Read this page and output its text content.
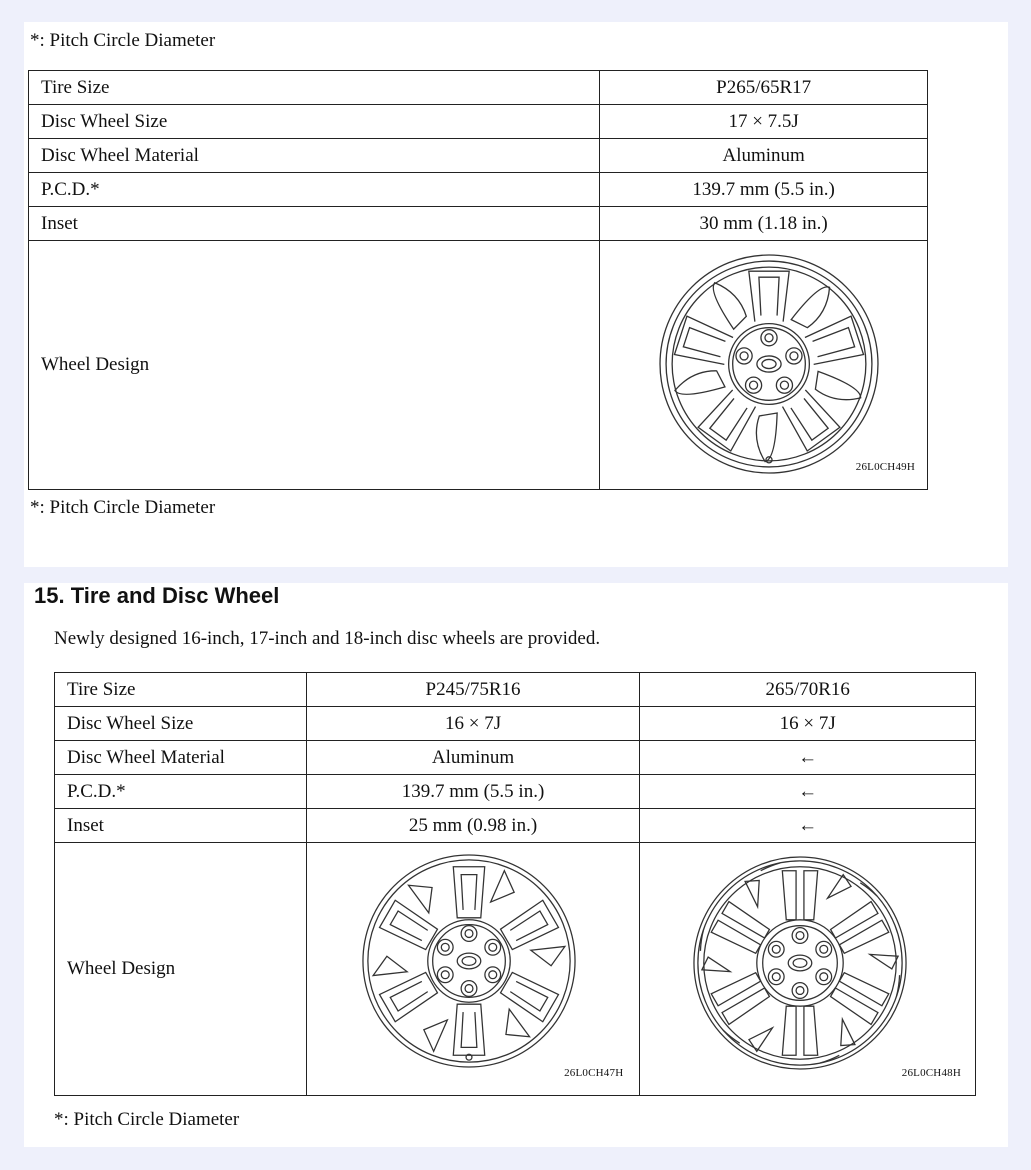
*: Pitch Circle Diameter
Tire Size	P265/65R17
Disc Wheel Size	17 × 7.5J
Disc Wheel Material	Aluminum
P.C.D.*	139.7 mm (5.5 in.)
Inset	30 mm (1.18 in.)
Wheel Design	26L0CH49H
*: Pitch Circle Diameter
15. Tire and Disc Wheel
Newly designed 16-inch, 17-inch and 18-inch disc wheels are provided.
Tire Size	P245/75R16	265/70R16
Disc Wheel Size	16 × 7J	16 × 7J
Disc Wheel Material	Aluminum	←
P.C.D.*	139.7 mm (5.5 in.)	←
Inset	25 mm (0.98 in.)	←
Wheel Design	26L0CH47H	26L0CH48H
*: Pitch Circle Diameter
